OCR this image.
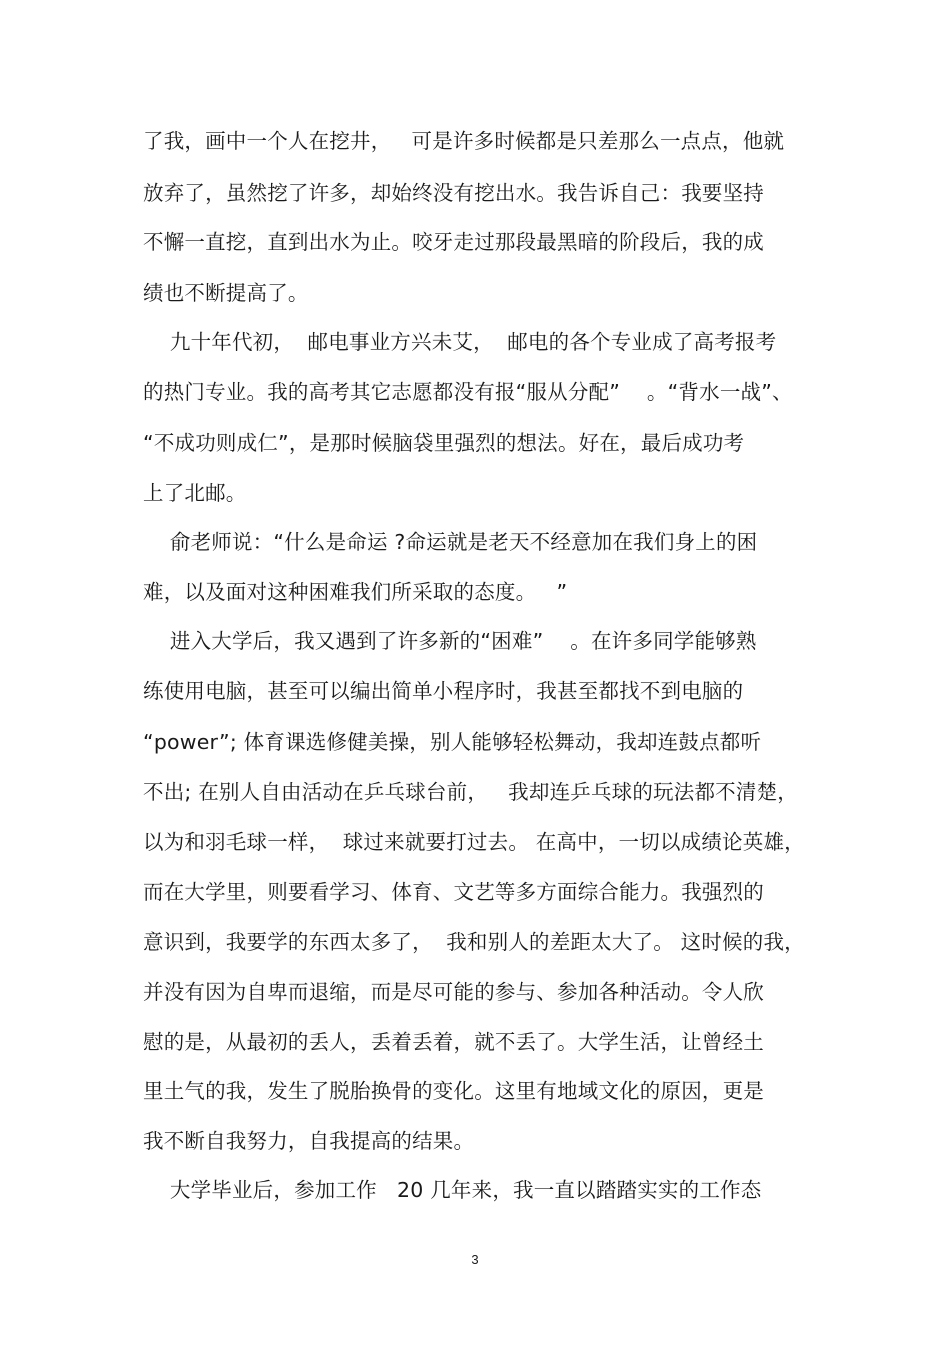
了我，画中一个人在挖井，   可是许多时候都是只差那么一点点，他就
放弃了，虽然挖了许多，却始终没有挖出水。我告诉自己：我要坚持
不懈一直挖，直到出水为止。咬牙走过那段最黑暗的阶段后，我的成
绩也不断提高了。
九十年代初，  邮电事业方兴未艾，  邮电的各个专业成了高考报考
的热门专业。我的高考其它志愿都没有报“服从分配”    。“背水一战”、
“不成功则成仁”，是那时候脑袋里强烈的想法。好在，最后成功考
上了北邮。
俞老师说：“什么是命运 ?命运就是老天不经意加在我们身上的困
难，以及面对这种困难我们所采取的态度。   ”
进入大学后，我又遇到了许多新的“困难”    。在许多同学能够熟
练使用电脑，甚至可以编出简单小程序时，我甚至都找不到电脑的
“power”; 体育课选修健美操，别人能够轻松舞动，我却连鼓点都听
不出; 在别人自由活动在乒乓球台前，   我却连乒乓球的玩法都不清楚，
以为和羽毛球一样，  球过来就要打过去。 在高中，一切以成绩论英雄，
而在大学里，则要看学习、体育、文艺等多方面综合能力。我强烈的
意识到，我要学的东西太多了，  我和别人的差距太大了。 这时候的我，
并没有因为自卑而退缩，而是尽可能的参与、参加各种活动。令人欣
慰的是，从最初的丢人，丢着丢着，就不丢了。大学生活，让曾经土
里土气的我，发生了脱胎换骨的变化。这里有地域文化的原因，更是
我不断自我努力，自我提高的结果。
大学毕业后，参加工作   20 几年来，我一直以踏踏实实的工作态
3
